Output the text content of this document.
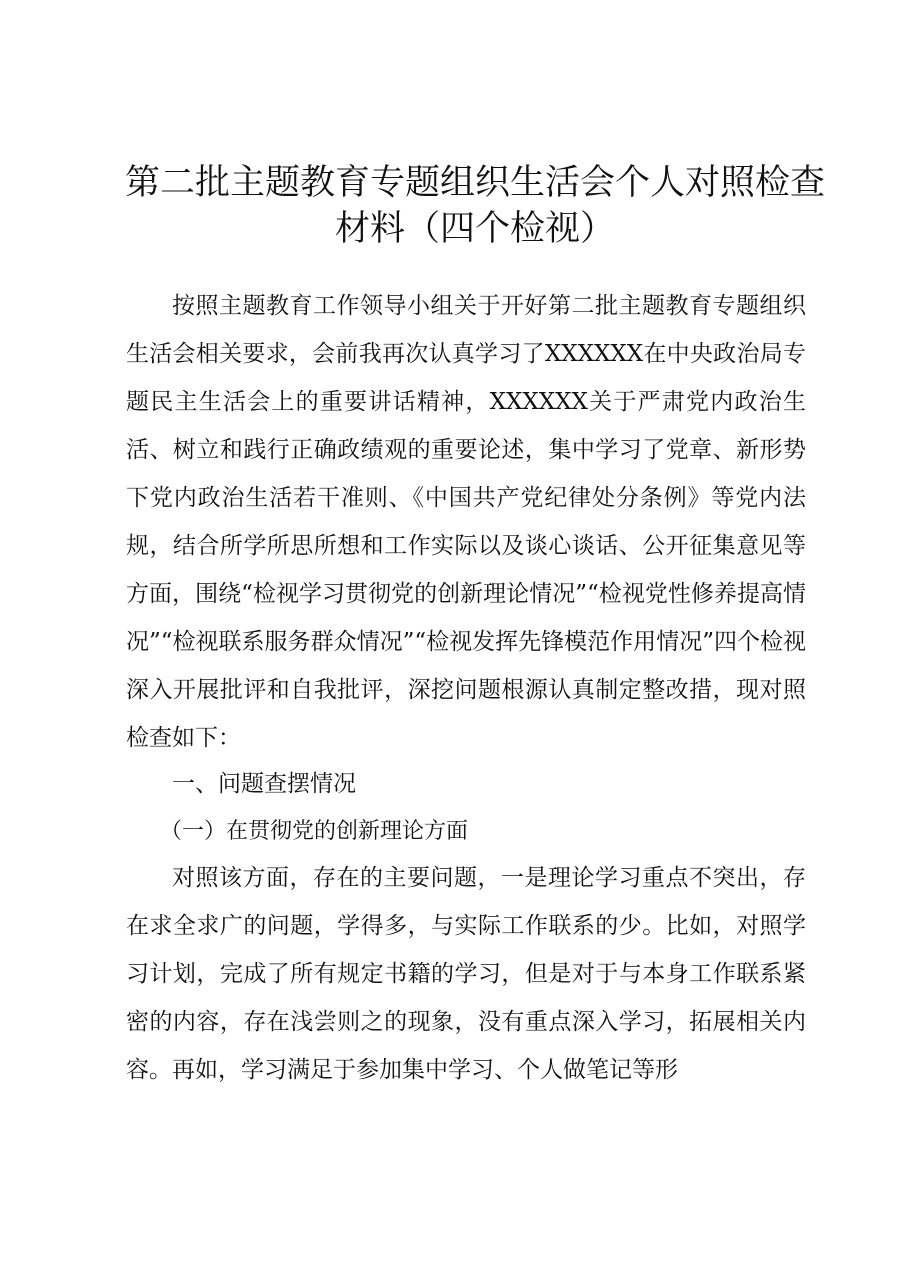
第二批主题教育专题组织生活会个人对照检查材料（四个检视）

按照主题教育工作领导小组关于开好第二批主题教育专题组织生活会相关要求，会前我再次认真学习了XXXXXX在中央政治局专题民主生活会上的重要讲话精神，XXXXXX关于严肃党内政治生活、树立和践行正确政绩观的重要论述，集中学习了党章、新形势下党内政治生活若干准则、《中国共产党纪律处分条例》等党内法规，结合所学所思所想和工作实际以及谈心谈话、公开征集意见等方面，围绕“检视学习贯彻党的创新理论情况”“检视党性修养提高情况”“检视联系服务群众情况”“检视发挥先锋模范作用情况”四个检视深入开展批评和自我批评，深挖问题根源认真制定整改措，现对照检查如下：

一、问题查摆情况
（一）在贯彻党的创新理论方面

对照该方面，存在的主要问题，一是理论学习重点不突出，存在求全求广的问题，学得多，与实际工作联系的少。比如，对照学习计划，完成了所有规定书籍的学习，但是对于与本身工作联系紧密的内容，存在浅尝则之的现象，没有重点深入学习，拓展相关内容。再如，学习满足于参加集中学习、个人做笔记等形
